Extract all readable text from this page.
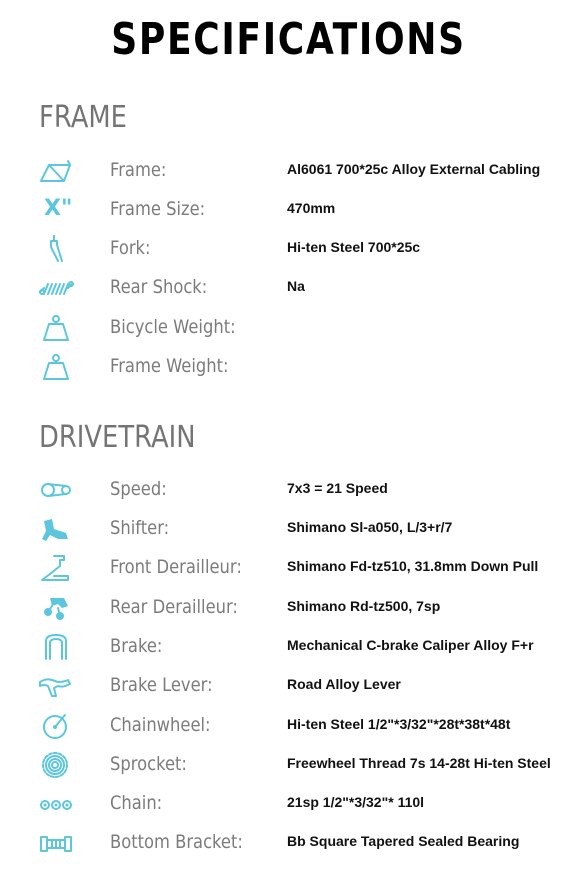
SPECIFICATIONS
FRAME
Frame:	Al6061 700*25c Alloy External Cabling
X" Frame Size:	470mm
Fork:	Hi-ten Steel 700*25c
Rear Shock:	Na
Bicycle Weight:
Frame Weight:
DRIVETRAIN
Speed:	7x3 = 21 Speed
Shifter:	Shimano Sl-a050, L/3+r/7
Front Derailleur:	Shimano Fd-tz510, 31.8mm Down Pull
Rear Derailleur:	Shimano Rd-tz500, 7sp
Brake:	Mechanical C-brake Caliper Alloy F+r
Brake Lever:	Road Alloy Lever
Chainwheel:	Hi-ten Steel 1/2"*3/32"*28t*38t*48t
Sprocket:	Freewheel Thread 7s 14-28t Hi-ten Steel
Chain:	21sp 1/2"*3/32"* 110l
Bottom Bracket:	Bb Square Tapered Sealed Bearing
